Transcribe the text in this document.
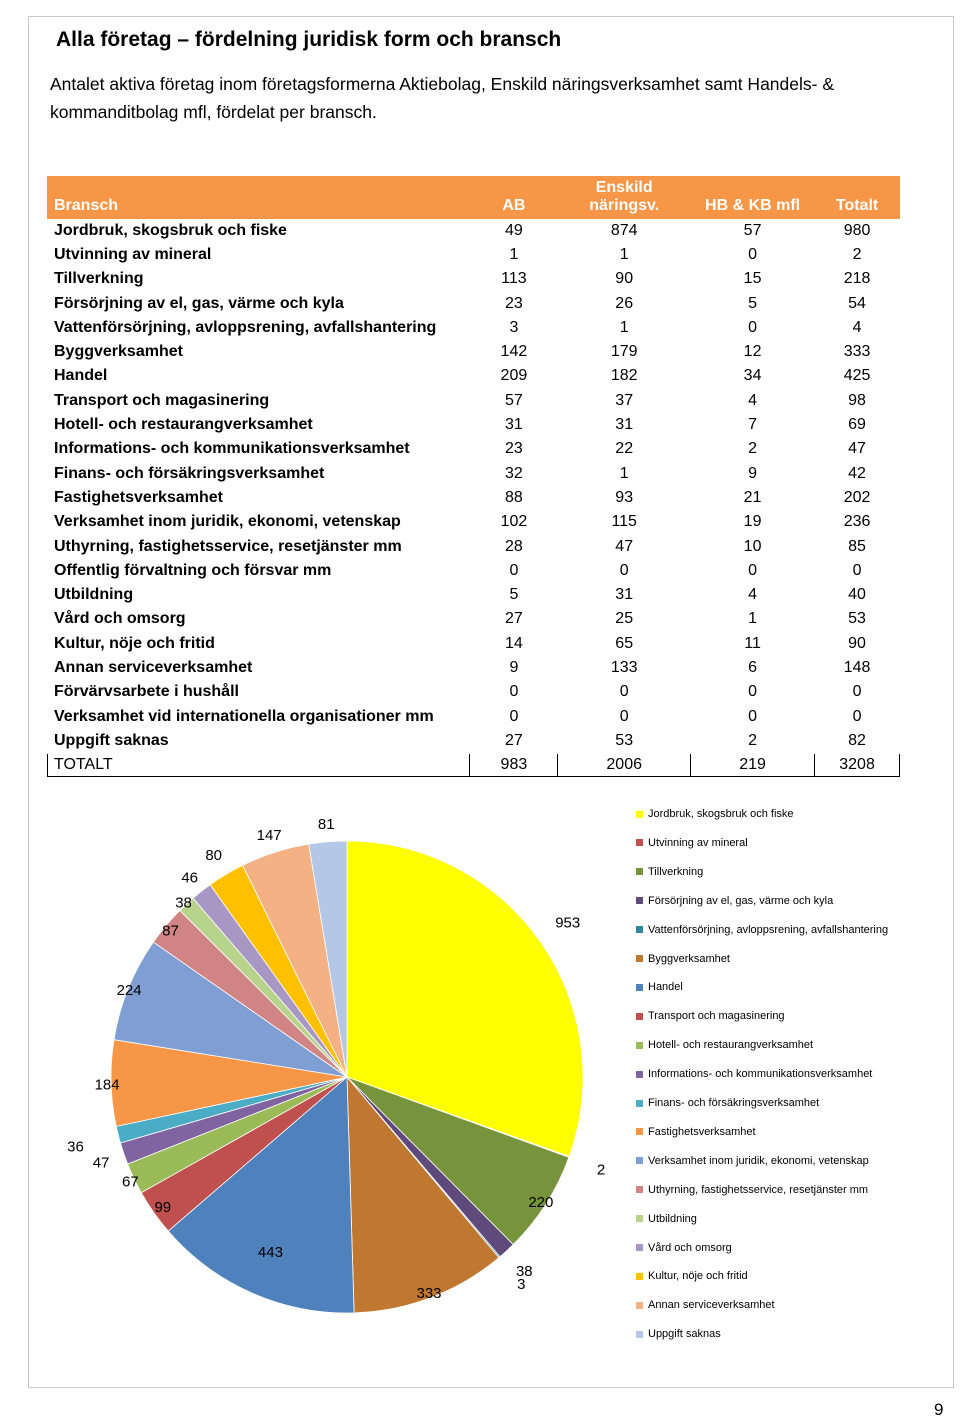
Alla företag – fördelning juridisk form och bransch
Antalet aktiva företag inom företagsformerna Aktiebolag, Enskild näringsverksamhet samt Handels- & kommanditbolag mfl, fördelat per bransch.
Bransch	AB	Enskild näringsv.	HB & KB mfl	Totalt
Jordbruk, skogsbruk och fiske	49	874	57	980
Utvinning av mineral	1	1	0	2
Tillverkning	113	90	15	218
Försörjning av el, gas, värme och kyla	23	26	5	54
Vattenförsörjning, avloppsrening, avfallshantering	3	1	0	4
Byggverksamhet	142	179	12	333
Handel	209	182	34	425
Transport och magasinering	57	37	4	98
Hotell- och restaurangverksamhet	31	31	7	69
Informations- och kommunikationsverksamhet	23	22	2	47
Finans- och försäkringsverksamhet	32	1	9	42
Fastighetsverksamhet	88	93	21	202
Verksamhet inom juridik, ekonomi, vetenskap	102	115	19	236
Uthyrning, fastighetsservice, resetjänster mm	28	47	10	85
Offentlig förvaltning och försvar mm	0	0	0	0
Utbildning	5	31	4	40
Vård och omsorg	27	25	1	53
Kultur, nöje och fritid	14	65	11	90
Annan serviceverksamhet	9	133	6	148
Förvärvsarbete i hushåll	0	0	0	0
Verksamhet vid internationella organisationer mm	0	0	0	0
Uppgift saknas	27	53	2	82
TOTALT	983	2006	219	3208
953
2
220
38
3
333
443
99
67
47
36
184
224
87
38
46
80
147
81
Jordbruk, skogsbruk och fiske
Utvinning av mineral
Tillverkning
Försörjning av el, gas, värme och kyla
Vattenförsörjning, avloppsrening, avfallshantering
Byggverksamhet
Handel
Transport och magasinering
Hotell- och restaurangverksamhet
Informations- och kommunikationsverksamhet
Finans- och försäkringsverksamhet
Fastighetsverksamhet
Verksamhet inom juridik, ekonomi, vetenskap
Uthyrning, fastighetsservice, resetjänster mm
Utbildning
Vård och omsorg
Kultur, nöje och fritid
Annan serviceverksamhet
Uppgift saknas
9
